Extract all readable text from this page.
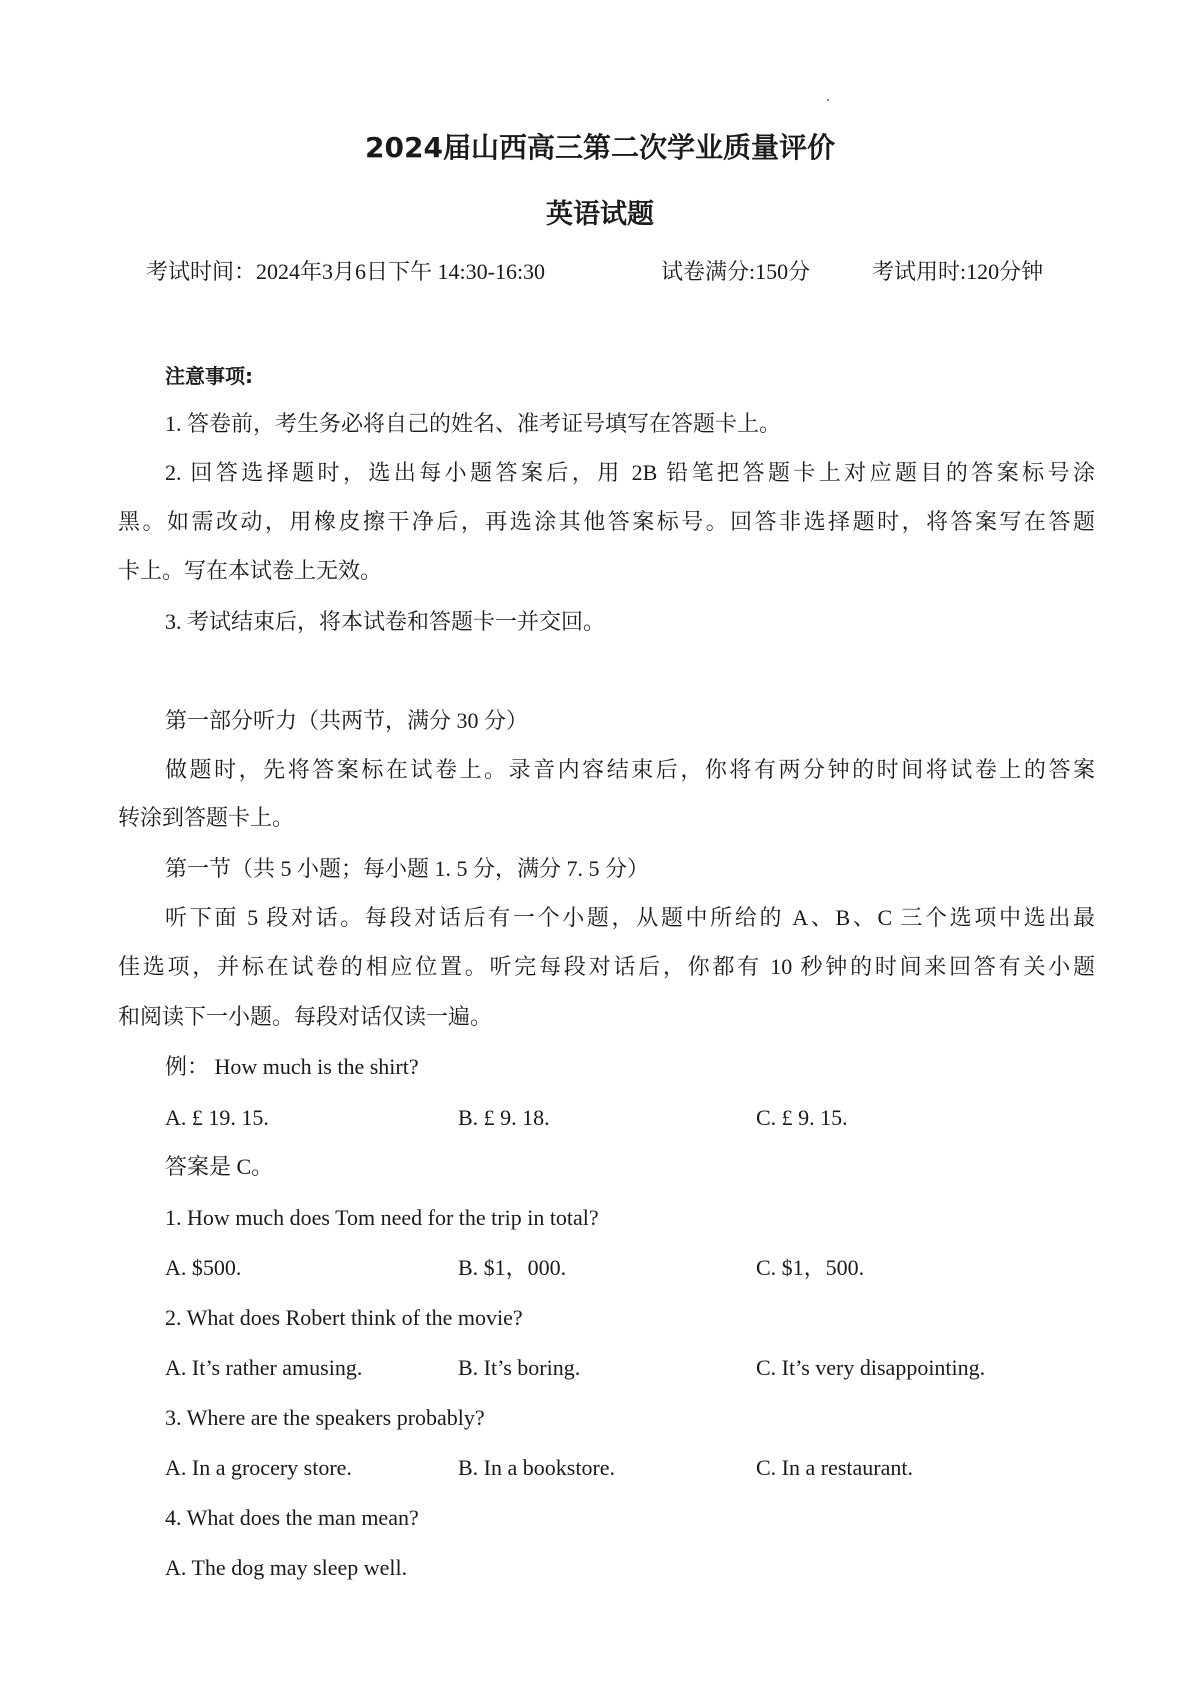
2024届山西高三第二次学业质量评价
英语试题
考试时间：2024年3月6日下午 14:30-16:30	试卷满分:150分	考试用时:120分钟
注意事项:
1. 答卷前，考生务必将自己的姓名、准考证号填写在答题卡上。
2. 回答选择题时，选出每小题答案后，用 2B 铅笔把答题卡上对应题目的答案标号涂
黑。如需改动，用橡皮擦干净后，再选涂其他答案标号。回答非选择题时，将答案写在答题
卡上。写在本试卷上无效。
3. 考试结束后，将本试卷和答题卡一并交回。
第一部分听力（共两节，满分 30 分）
做题时，先将答案标在试卷上。录音内容结束后，你将有两分钟的时间将试卷上的答案
转涂到答题卡上。
第一节（共 5 小题；每小题 1. 5 分，满分 7. 5 分）
听下面 5 段对话。每段对话后有一个小题，从题中所给的 A、B、C 三个选项中选出最
佳选项，并标在试卷的相应位置。听完每段对话后，你都有 10 秒钟的时间来回答有关小题
和阅读下一小题。每段对话仅读一遍。
例： How much is the shirt?
A. £ 19. 15.	B. £ 9. 18.	C. £ 9. 15.
答案是 C。
1. How much does Tom need for the trip in total?
A. $500.	B. $1，000.	C. $1，500.
2. What does Robert think of the movie?
A. It’s rather amusing.	B. It’s boring.	C. It’s very disappointing.
3. Where are the speakers probably?
A. In a grocery store.	B. In a bookstore.	C. In a restaurant.
4. What does the man mean?
A. The dog may sleep well.
